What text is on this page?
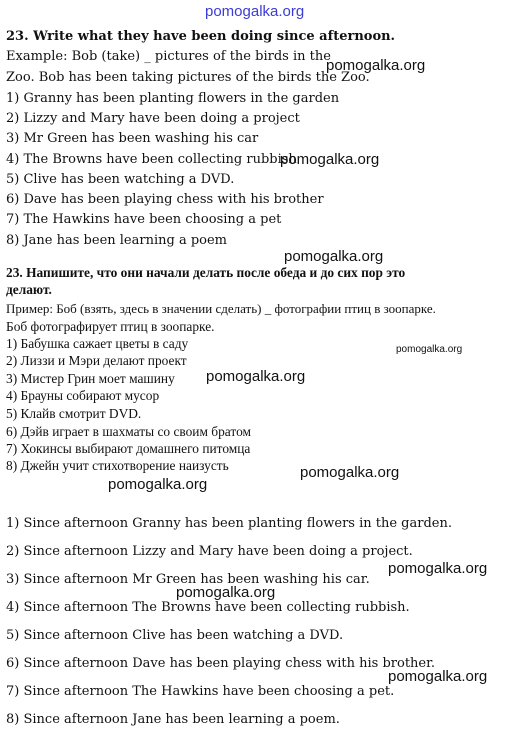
pomogalka.org
pomogalka.org
pomogalka.org
pomogalka.org
pomogalka.org
pomogalka.org
pomogalka.org
pomogalka.org
pomogalka.org
pomogalka.org
pomogalka.org
23. Write what they have been doing since afternoon.
Example: Bob (take) _ pictures of the birds in the
Zoo. Bob has been taking pictures of the birds the Zoo.
1) Granny has been planting flowers in the garden
2) Lizzy and Mary have been doing a project
3) Mr Green has been washing his car
4) The Browns have been collecting rubbish
5) Clive has been watching a DVD.
6) Dave has been playing chess with his brother
7) The Hawkins have been choosing a pet
8) Jane has been learning a poem
23. Напишите, что они начали делать после обеда и до сих пор это
делают.
Пример: Боб (взять, здесь в значении сделать) _ фотографии птиц в зоопарке.
Боб фотографирует птиц в зоопарке.
1) Бабушка сажает цветы в саду
2) Лиззи и Мэри делают проект
3) Мистер Грин моет машину
4) Брауны собирают мусор
5) Клайв смотрит DVD.
6) Дэйв играет в шахматы со своим братом
7) Хокинсы выбирают домашнего питомца
8) Джейн учит стихотворение наизусть
1) Since afternoon Granny has been planting flowers in the garden.
2) Since afternoon Lizzy and Mary have been doing a project.
3) Since afternoon Mr Green has been washing his car.
4) Since afternoon The Browns have been collecting rubbish.
5) Since afternoon Clive has been watching a DVD.
6) Since afternoon Dave has been playing chess with his brother.
7) Since afternoon The Hawkins have been choosing a pet.
8) Since afternoon Jane has been learning a poem.
